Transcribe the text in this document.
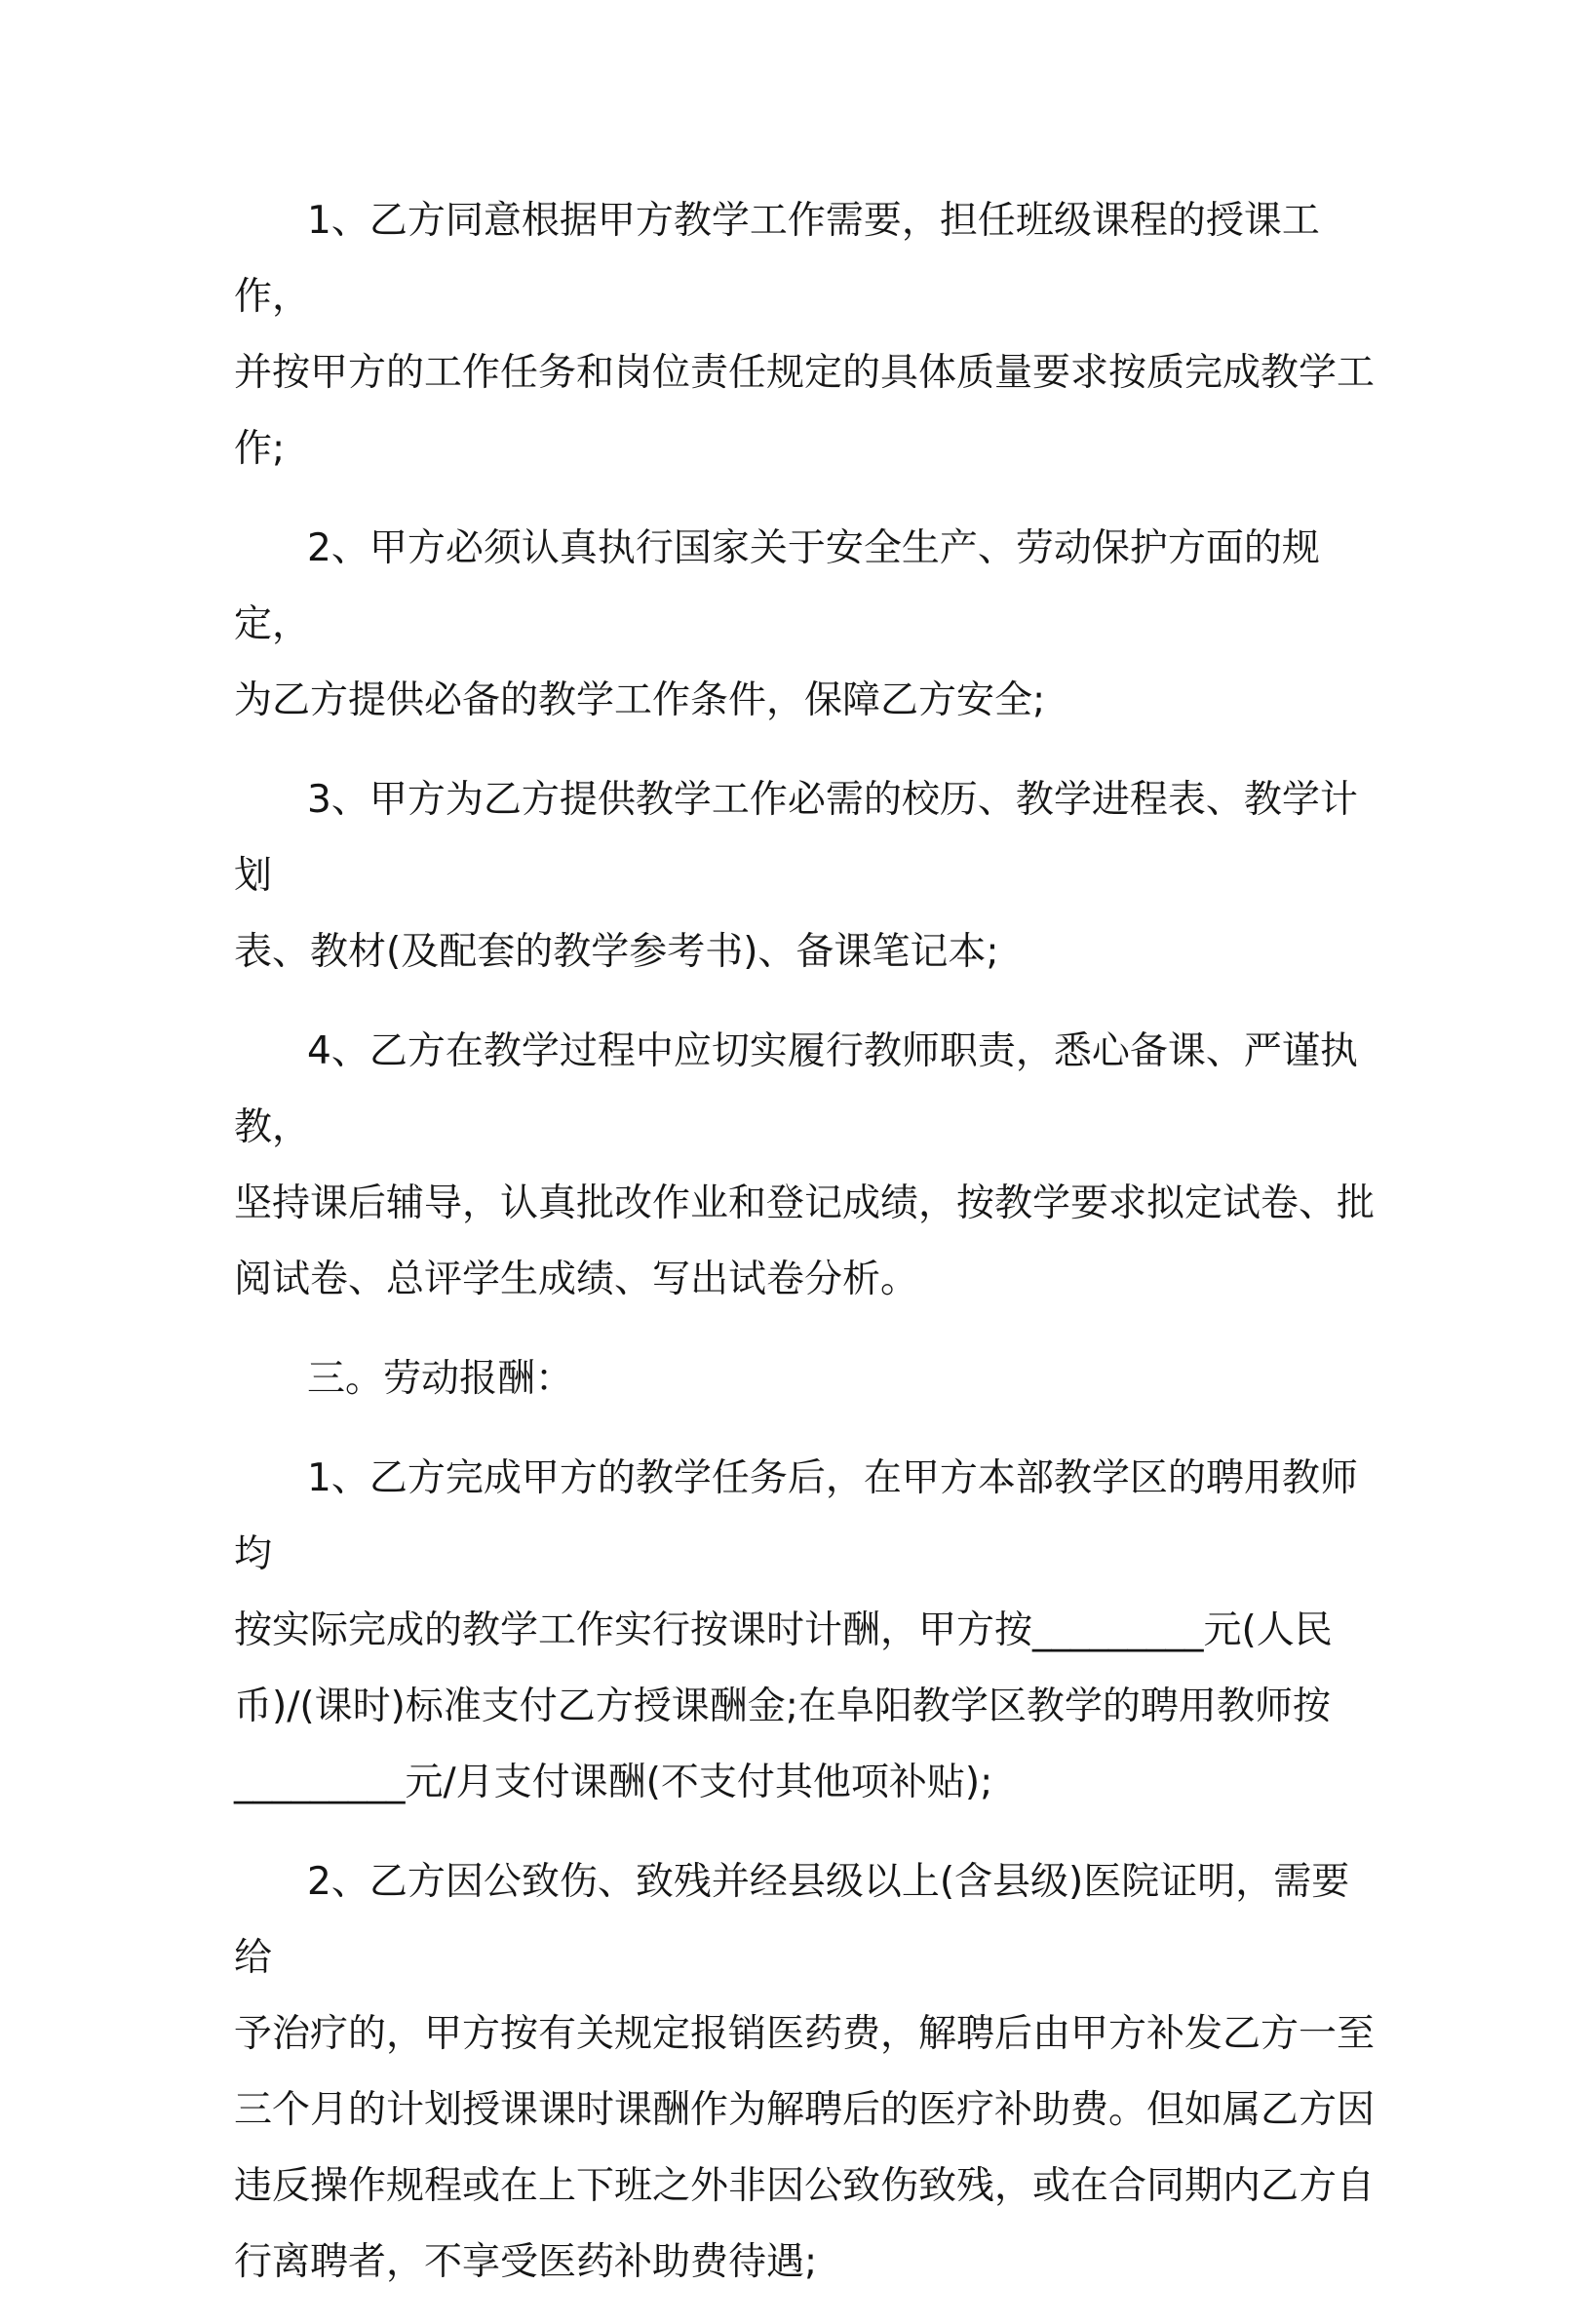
1、乙方同意根据甲方教学工作需要，担任班级课程的授课工作，
并按甲方的工作任务和岗位责任规定的具体质量要求按质完成教学工
作;

2、甲方必须认真执行国家关于安全生产、劳动保护方面的规定，
为乙方提供必备的教学工作条件，保障乙方安全;

3、甲方为乙方提供教学工作必需的校历、教学进程表、教学计划
表、教材(及配套的教学参考书)、备课笔记本;

4、乙方在教学过程中应切实履行教师职责，悉心备课、严谨执教，
坚持课后辅导，认真批改作业和登记成绩，按教学要求拟定试卷、批
阅试卷、总评学生成绩、写出试卷分析。

三。劳动报酬：

1、乙方完成甲方的教学任务后，在甲方本部教学区的聘用教师均
按实际完成的教学工作实行按课时计酬，甲方按_________元(人民
币)/(课时)标准支付乙方授课酬金;在阜阳教学区教学的聘用教师按
_________元/月支付课酬(不支付其他项补贴);

2、乙方因公致伤、致残并经县级以上(含县级)医院证明，需要给
予治疗的，甲方按有关规定报销医药费，解聘后由甲方补发乙方一至
三个月的计划授课课时课酬作为解聘后的医疗补助费。但如属乙方因
违反操作规程或在上下班之外非因公致伤致残，或在合同期内乙方自
行离聘者，不享受医药补助费待遇;
